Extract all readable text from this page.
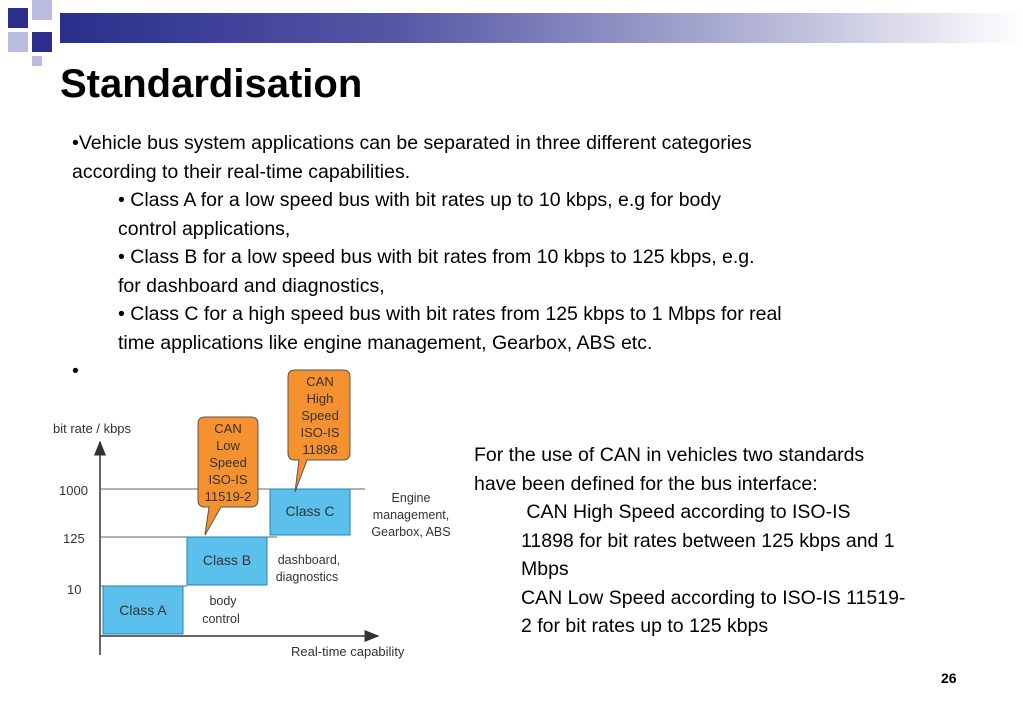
Standardisation
•Vehicle bus system applications can be separated in three different categories
according to their real-time capabilities.
• Class A for a low speed bus with bit rates up to 10 kbps, e.g for body
control applications,
• Class B for a low speed bus with bit rates from 10 kbps to 125 kbps, e.g.
for dashboard and diagnostics,
• Class C for a high speed bus with bit rates from 125 kbps to 1 Mbps for real
time applications like engine management, Gearbox, ABS etc.
•
bit rate / kbps
Real-time capability
1000
125
10
Class A
Class B
Class C
body
control
dashboard,
diagnostics
Engine
management,
Gearbox, ABS
CAN
Low
Speed
ISO-IS
11519-2
CAN
High
Speed
ISO-IS
11898	For the use of CAN in vehicles two standards
have been defined for the bus interface:
CAN High Speed according to ISO-IS
11898 for bit rates between 125 kbps and 1
Mbps
CAN Low Speed according to ISO-IS 11519-
2 for bit rates up to 125 kbps
26
